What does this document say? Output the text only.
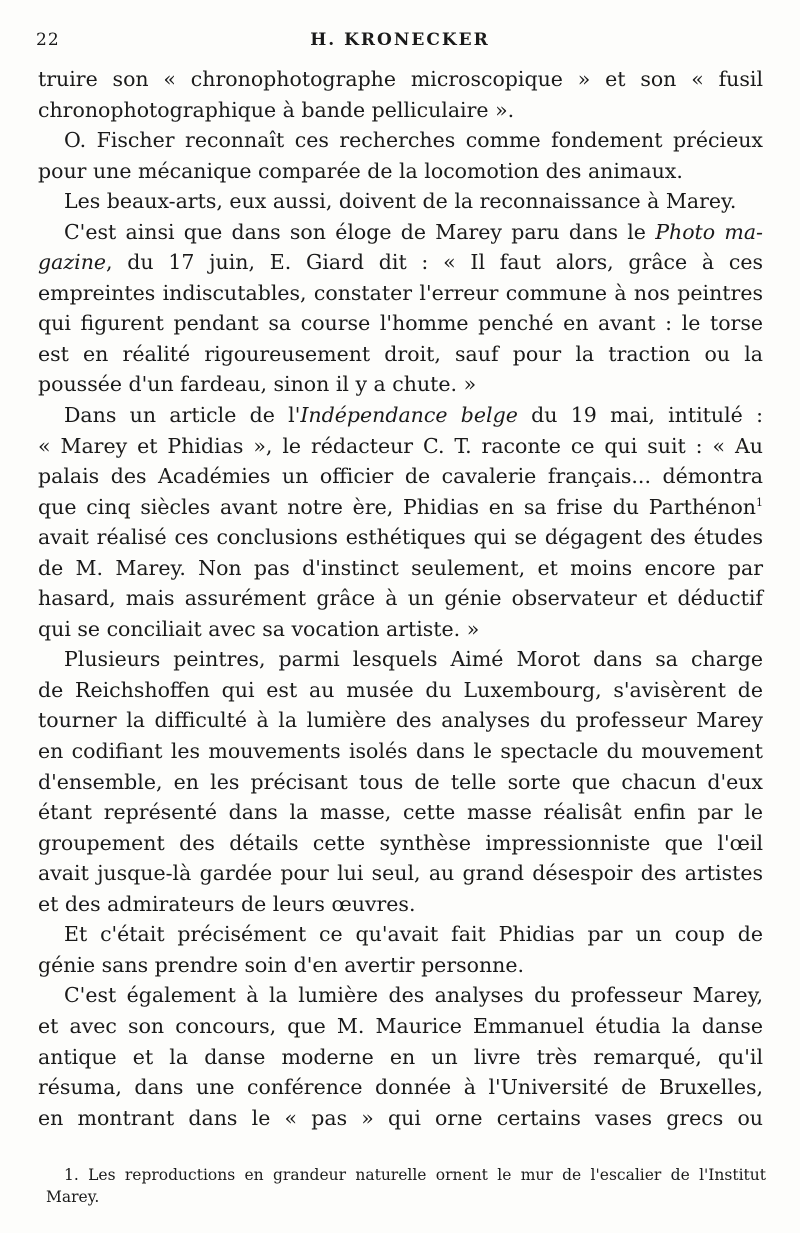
22	H. KRONECKER
truire son « chronophotographe microscopique » et son « fusil
chronophotographique à bande pelliculaire ».
O. Fischer reconnaît ces recherches comme fondement précieux
pour une mécanique comparée de la locomotion des animaux.
Les beaux-arts, eux aussi, doivent de la reconnaissance à Marey.
C'est ainsi que dans son éloge de Marey paru dans le Photo ma-
gazine, du 17 juin, E. Giard dit : « Il faut alors, grâce à ces
empreintes indiscutables, constater l'erreur commune à nos peintres
qui figurent pendant sa course l'homme penché en avant : le torse
est en réalité rigoureusement droit, sauf pour la traction ou la
poussée d'un fardeau, sinon il y a chute. »
Dans un article de l'Indépendance belge du 19 mai, intitulé :
« Marey et Phidias », le rédacteur C. T. raconte ce qui suit : « Au
palais des Académies un officier de cavalerie français... démontra
que cinq siècles avant notre ère, Phidias en sa frise du Parthénon$^1$
avait réalisé ces conclusions esthétiques qui se dégagent des études
de M. Marey. Non pas d'instinct seulement, et moins encore par
hasard, mais assurément grâce à un génie observateur et déductif
qui se conciliait avec sa vocation artiste. »
Plusieurs peintres, parmi lesquels Aimé Morot dans sa charge
de Reichshoffen qui est au musée du Luxembourg, s'avisèrent de
tourner la difficulté à la lumière des analyses du professeur Marey
en codifiant les mouvements isolés dans le spectacle du mouvement
d'ensemble, en les précisant tous de telle sorte que chacun d'eux
étant représenté dans la masse, cette masse réalisât enfin par le
groupement des détails cette synthèse impressionniste que l'œil
avait jusque-là gardée pour lui seul, au grand désespoir des artistes
et des admirateurs de leurs œuvres.
Et c'était précisément ce qu'avait fait Phidias par un coup de
génie sans prendre soin d'en avertir personne.
C'est également à la lumière des analyses du professeur Marey,
et avec son concours, que M. Maurice Emmanuel étudia la danse
antique et la danse moderne en un livre très remarqué, qu'il
résuma, dans une conférence donnée à l'Université de Bruxelles,
en montrant dans le « pas » qui orne certains vases grecs ou
1. Les reproductions en grandeur naturelle ornent le mur de l'escalier de l'Institut
Marey.
